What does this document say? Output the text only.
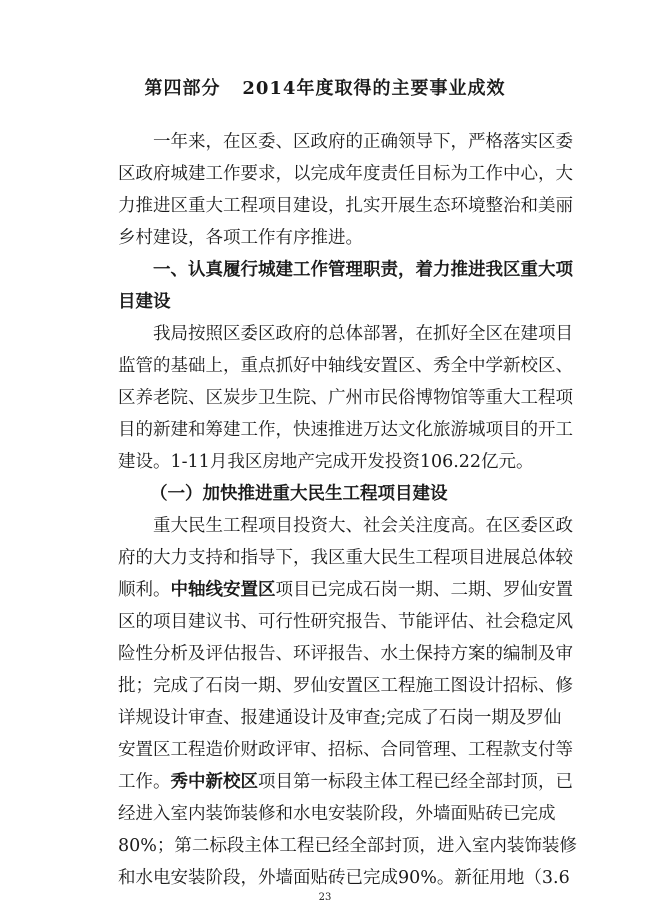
第四部分   2014年度取得的主要事业成效
一年来，在区委、区政府的正确领导下，严格落实区委
区政府城建工作要求，以完成年度责任目标为工作中心，大
力推进区重大工程项目建设，扎实开展生态环境整治和美丽
乡村建设，各项工作有序推进。
一、认真履行城建工作管理职责，着力推进我区重大项
目建设
我局按照区委区政府的总体部署，在抓好全区在建项目
监管的基础上，重点抓好中轴线安置区、秀全中学新校区、
区养老院、区炭步卫生院、广州市民俗博物馆等重大工程项
目的新建和筹建工作，快速推进万达文化旅游城项目的开工
建设。1-11月我区房地产完成开发投资106.22亿元。
（一）加快推进重大民生工程项目建设
重大民生工程项目投资大、社会关注度高。在区委区政
府的大力支持和指导下，我区重大民生工程项目进展总体较
顺利。中轴线安置区项目已完成石岗一期、二期、罗仙安置
区的项目建议书、可行性研究报告、节能评估、社会稳定风
险性分析及评估报告、环评报告、水土保持方案的编制及审
批；完成了石岗一期、罗仙安置区工程施工图设计招标、修
详规设计审查、报建通设计及审查;完成了石岗一期及罗仙
安置区工程造价财政评审、招标、合同管理、工程款支付等
工作。秀中新校区项目第一标段主体工程已经全部封顶，已
经进入室内装饰装修和水电安装阶段，外墙面贴砖已完成
80%；第二标段主体工程已经全部封顶，进入室内装饰装修
和水电安装阶段，外墙面贴砖已完成90%。新征用地（3.6
23
